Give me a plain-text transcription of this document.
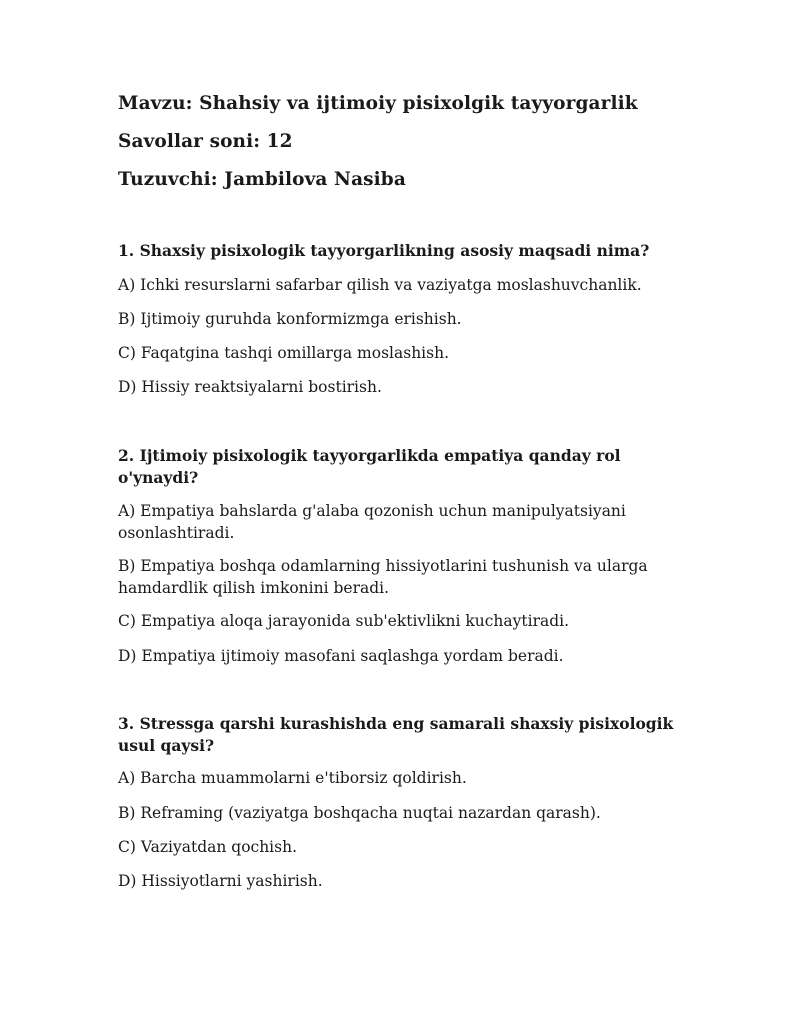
Mavzu: Shahsiy va ijtimoiy pisixolgik tayyorgarlik
Savollar soni: 12
Tuzuvchi: Jambilova Nasiba
1. Shaxsiy pisixologik tayyorgarlikning asosiy maqsadi nima?
A) Ichki resurslarni safarbar qilish va vaziyatga moslashuvchanlik.
B) Ijtimoiy guruhda konformizmga erishish.
C) Faqatgina tashqi omillarga moslashish.
D) Hissiy reaktsiyalarni bostirish.
2. Ijtimoiy pisixologik tayyorgarlikda empatiya qanday rol o'ynaydi?
A) Empatiya bahslarda g'alaba qozonish uchun manipulyatsiyani osonlashtiradi.
B) Empatiya boshqa odamlarning hissiyotlarini tushunish va ularga hamdardlik qilish imkonini beradi.
C) Empatiya aloqa jarayonida sub'ektivlikni kuchaytiradi.
D) Empatiya ijtimoiy masofani saqlashga yordam beradi.
3. Stressga qarshi kurashishda eng samarali shaxsiy pisixologik usul qaysi?
A) Barcha muammolarni e'tiborsiz qoldirish.
B) Reframing (vaziyatga boshqacha nuqtai nazardan qarash).
C) Vaziyatdan qochish.
D) Hissiyotlarni yashirish.
